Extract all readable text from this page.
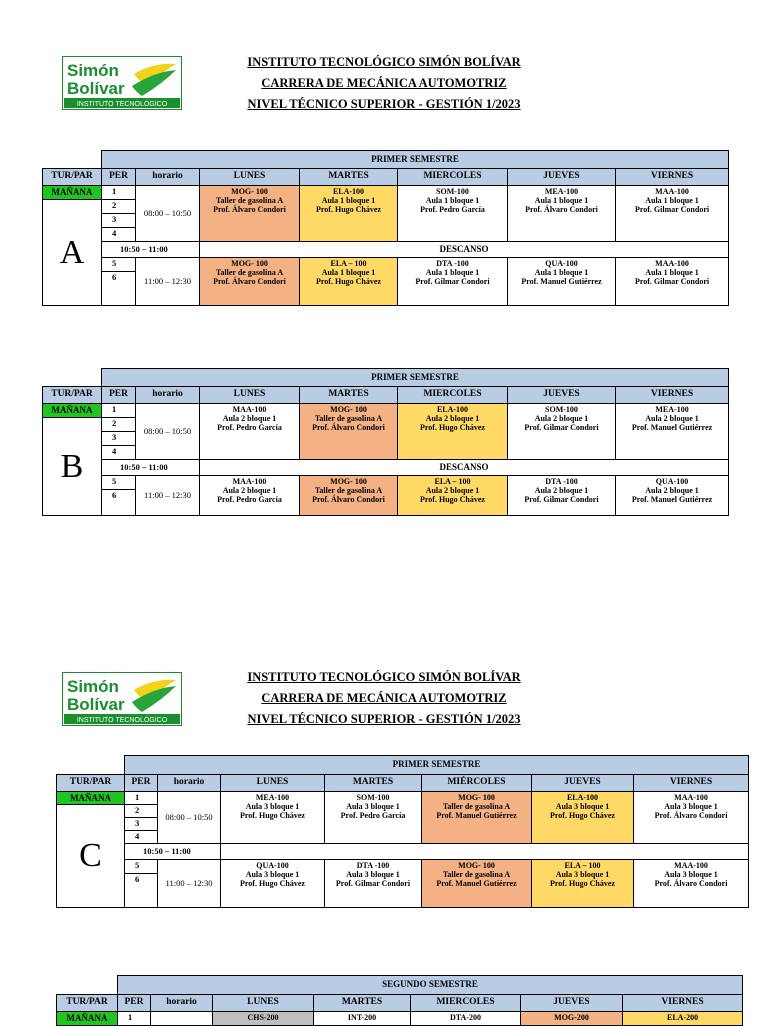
Simón
Bolívar
INSTITUTO TECNOLÓGICO
INSTITUTO TECNOLÓGICO SIMÓN BOLÍVAR
CARRERA DE MECÁNICA AUTOMOTRIZ
NIVEL TÉCNICO SUPERIOR - GESTIÓN 1/2023
	PRIMER SEMESTRE						
TUR/PAR	PER	horario	LUNES	MARTES	MIERCOLES	JUEVES	VIERNES
MAÑANA	1	08:00 – 10:50	MOG- 100
Taller de gasolina A
Prof. Álvaro Condori	ELA-100
Aula 1 bloque 1
Prof. Hugo Chávez	SOM-100
Aula 1 bloque 1
Prof. Pedro García	MEA-100
Aula 1 bloque 1
Prof. Álvaro Condori	MAA-100
Aula 1 bloque 1
Prof. Gilmar Condori

A	2						
	3						
	4						
	10:50 – 11:00		DESCANSO				
	5	11:00 – 12:30	MOG- 100
Taller de gasolina A
Prof. Álvaro Condori	ELA – 100
Aula 1 bloque 1
Prof. Hugo Chávez	DTA -100
Aula 1 bloque 1
Prof. Gilmar Condori	QUA-100
Aula 1 bloque 1
Prof. Manuel Gutiérrez	MAA-100
Aula 1 bloque 1
Prof. Gilmar Condori

	6						
	PRIMER SEMESTRE						
TUR/PAR	PER	horario	LUNES	MARTES	MIERCOLES	JUEVES	VIERNES
MAÑANA	1	08:00 – 10:50	MAA-100
Aula 2 bloque 1
Prof. Pedro García	MOG- 100
Taller de gasolina A
Prof. Álvaro Condori	ELA-100
Aula 2 bloque 1
Prof. Hugo Chávez	SOM-100
Aula 2 bloque 1
Prof. Gilmar Condori	MEA-100
Aula 2 bloque 1
Prof. Manuel Gutiérrez

B	2						
	3						
	4						
	10:50 – 11:00		DESCANSO				
	5	11:00 – 12:30	MAA-100
Aula 2 bloque 1
Prof. Pedro García	MOG- 100
Taller de gasolina A
Prof. Álvaro Condori	ELA – 100
Aula 2 bloque 1
Prof. Hugo Chávez	DTA -100
Aula 2 bloque 1
Prof. Gilmar Condori	QUA-100
Aula 2 bloque 1
Prof. Manuel Gutiérrez

	6						
Simón
Bolívar
INSTITUTO TECNOLÓGICO
INSTITUTO TECNOLÓGICO SIMÓN BOLÍVAR
CARRERA DE MECÁNICA AUTOMOTRIZ
NIVEL TÉCNICO SUPERIOR - GESTIÓN 1/2023
	PRIMER SEMESTRE						
TUR/PAR	PER	horario	LUNES	MARTES	MIÉRCOLES	JUEVES	VIERNES
MAÑANA	1	08:00 – 10:50	MEA-100
Aula 3 bloque 1
Prof. Hugo Chávez	SOM-100
Aula 3 bloque 1
Prof. Pedro García	MOG- 100
Taller de gasolina A
Prof. Manuel Gutiérrez	ELA-100
Aula 3 bloque 1
Prof. Hugo Chávez	MAA-100
Aula 3 bloque 1
Prof. Álvaro Condori

C	2						
	3						
	4						
	10:50 – 11:00						
	5	11:00 – 12:30	QUA-100
Aula 3 bloque 1
Prof. Hugo Chávez	DTA -100
Aula 3 bloque 1
Prof. Gilmar Condori	MOG- 100
Taller de gasolina A
Prof. Manuel Gutiérrez	ELA – 100
Aula 3 bloque 1
Prof. Hugo Chávez	MAA-100
Aula 3 bloque 1
Prof. Álvaro Condori

	6						
	SEGUNDO SEMESTRE						
TUR/PAR	PER	horario	LUNES	MARTES	MIERCOLES	JUEVES	VIERNES
MAÑANA	1		CHS-200	INT-200	DTA-200	MOG-200	ELA-200
